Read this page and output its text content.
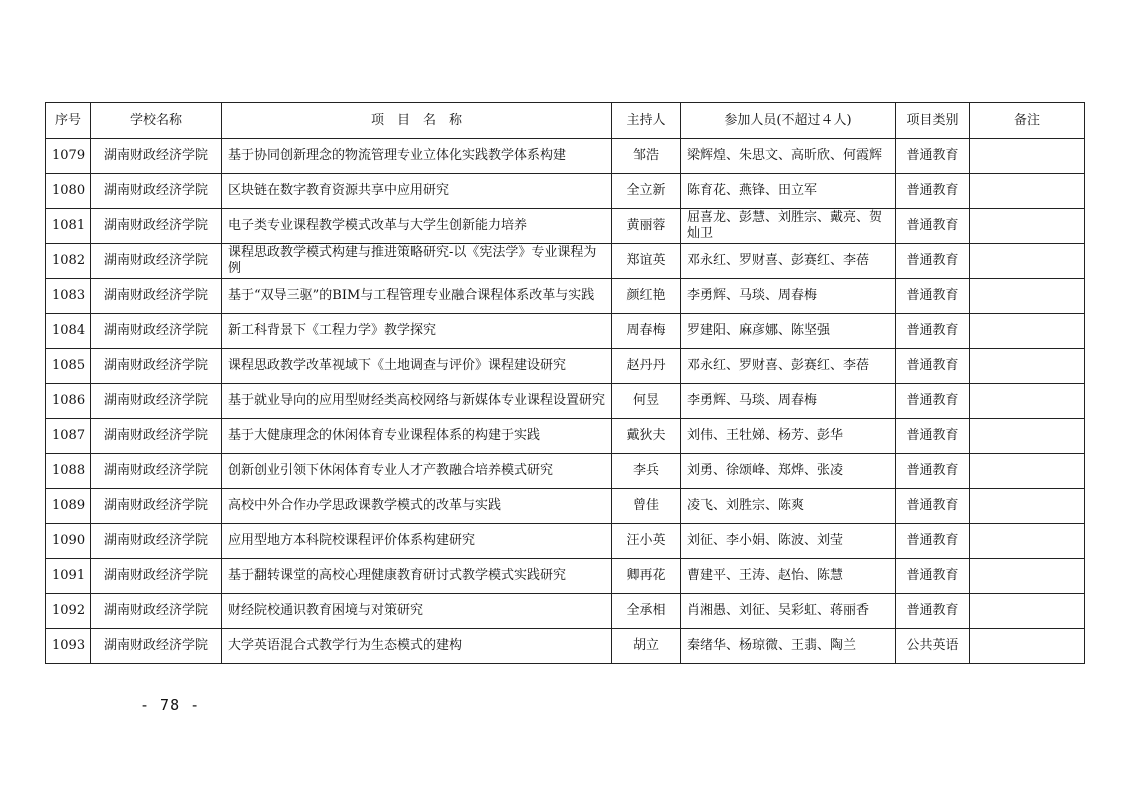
序号	学校名称	项　目　名　称	主持人	参加人员(不超过４人)	项目类别	备注
1079	湖南财政经济学院	基于协同创新理念的物流管理专业立体化实践教学体系构建	邹浩	梁辉煌、朱思文、高昕欣、何霞辉	普通教育	
1080	湖南财政经济学院	区块链在数字教育资源共享中应用研究	全立新	陈育花、燕锋、田立军	普通教育	
1081	湖南财政经济学院	电子类专业课程教学模式改革与大学生创新能力培养	黄丽蓉	屈喜龙、彭慧、刘胜宗、戴亮、贺灿卫	普通教育	
1082	湖南财政经济学院	课程思政教学模式构建与推进策略研究-以《宪法学》专业课程为例	郑谊英	邓永红、罗财喜、彭赛红、李蓓	普通教育	
1083	湖南财政经济学院	基于“双导三驱”的BIM与工程管理专业融合课程体系改革与实践	颜红艳	李勇辉、马琰、周春梅	普通教育	
1084	湖南财政经济学院	新工科背景下《工程力学》教学探究	周春梅	罗建阳、麻彦娜、陈坚强	普通教育	
1085	湖南财政经济学院	课程思政教学改革视域下《土地调查与评价》课程建设研究	赵丹丹	邓永红、罗财喜、彭赛红、李蓓	普通教育	
1086	湖南财政经济学院	基于就业导向的应用型财经类高校网络与新媒体专业课程设置研究	何昱	李勇辉、马琰、周春梅	普通教育	
1087	湖南财政经济学院	基于大健康理念的休闲体育专业课程体系的构建于实践	戴狄夫	刘伟、王牡娣、杨芳、彭华	普通教育	
1088	湖南财政经济学院	创新创业引领下休闲体育专业人才产教融合培养模式研究	李兵	刘勇、徐颂峰、郑烨、张凌	普通教育	
1089	湖南财政经济学院	高校中外合作办学思政课教学模式的改革与实践	曾佳	凌飞、刘胜宗、陈爽	普通教育	
1090	湖南财政经济学院	应用型地方本科院校课程评价体系构建研究	汪小英	刘征、李小娟、陈波、刘莹	普通教育	
1091	湖南财政经济学院	基于翻转课堂的高校心理健康教育研讨式教学模式实践研究	卿再花	曹建平、王涛、赵怡、陈慧	普通教育	
1092	湖南财政经济学院	财经院校通识教育困境与对策研究	全承相	肖湘愚、刘征、吴彩虹、蒋丽香	普通教育	
1093	湖南财政经济学院	大学英语混合式教学行为生态模式的建构	胡立	秦绪华、杨琼微、王翡、陶兰	公共英语	
- 78 -
